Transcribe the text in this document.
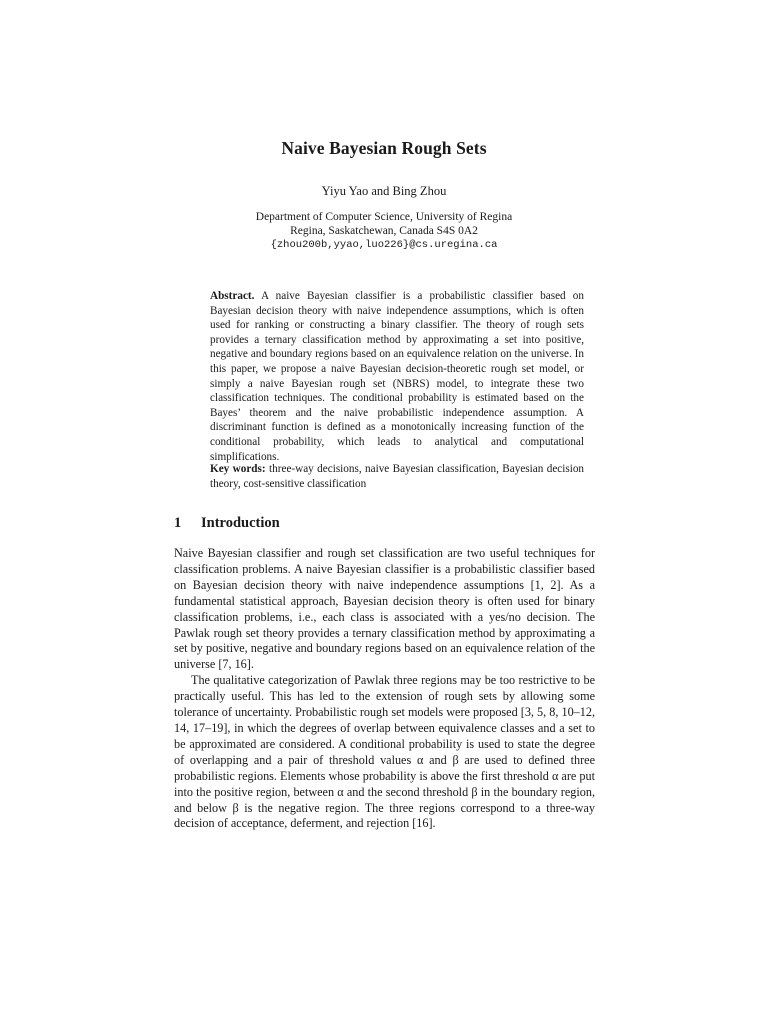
Naive Bayesian Rough Sets
Yiyu Yao and Bing Zhou
Department of Computer Science, University of Regina
Regina, Saskatchewan, Canada S4S 0A2
{zhou200b,yyao,luo226}@cs.uregina.ca
Abstract. A naive Bayesian classifier is a probabilistic classifier based on Bayesian decision theory with naive independence assumptions, which is often used for ranking or constructing a binary classifier. The theory of rough sets provides a ternary classification method by approximating a set into positive, negative and boundary regions based on an equivalence relation on the universe. In this paper, we propose a naive Bayesian decision-theoretic rough set model, or simply a naive Bayesian rough set (NBRS) model, to integrate these two classification techniques. The conditional probability is estimated based on the Bayes’ theorem and the naive probabilistic independence assumption. A discriminant function is defined as a monotonically increasing function of the conditional probability, which leads to analytical and computational simplifications.
Key words: three-way decisions, naive Bayesian classification, Bayesian decision theory, cost-sensitive classification
1 Introduction

Naive Bayesian classifier and rough set classification are two useful techniques for classification problems. A naive Bayesian classifier is a probabilistic classifier based on Bayesian decision theory with naive independence assumptions [1, 2]. As a fundamental statistical approach, Bayesian decision theory is often used for binary classification problems, i.e., each class is associated with a yes/no decision. The Pawlak rough set theory provides a ternary classification method by approximating a set by positive, negative and boundary regions based on an equivalence relation of the universe [7, 16].

The qualitative categorization of Pawlak three regions may be too restrictive to be practically useful. This has led to the extension of rough sets by allowing some tolerance of uncertainty. Probabilistic rough set models were proposed [3, 5, 8, 10–12, 14, 17–19], in which the degrees of overlap between equivalence classes and a set to be approximated are considered. A conditional probability is used to state the degree of overlapping and a pair of threshold values α and β are used to defined three probabilistic regions. Elements whose probability is above the first threshold α are put into the positive region, between α and the second threshold β in the boundary region, and below β is the negative region. The three regions correspond to a three-way decision of acceptance, deferment, and rejection [16].
